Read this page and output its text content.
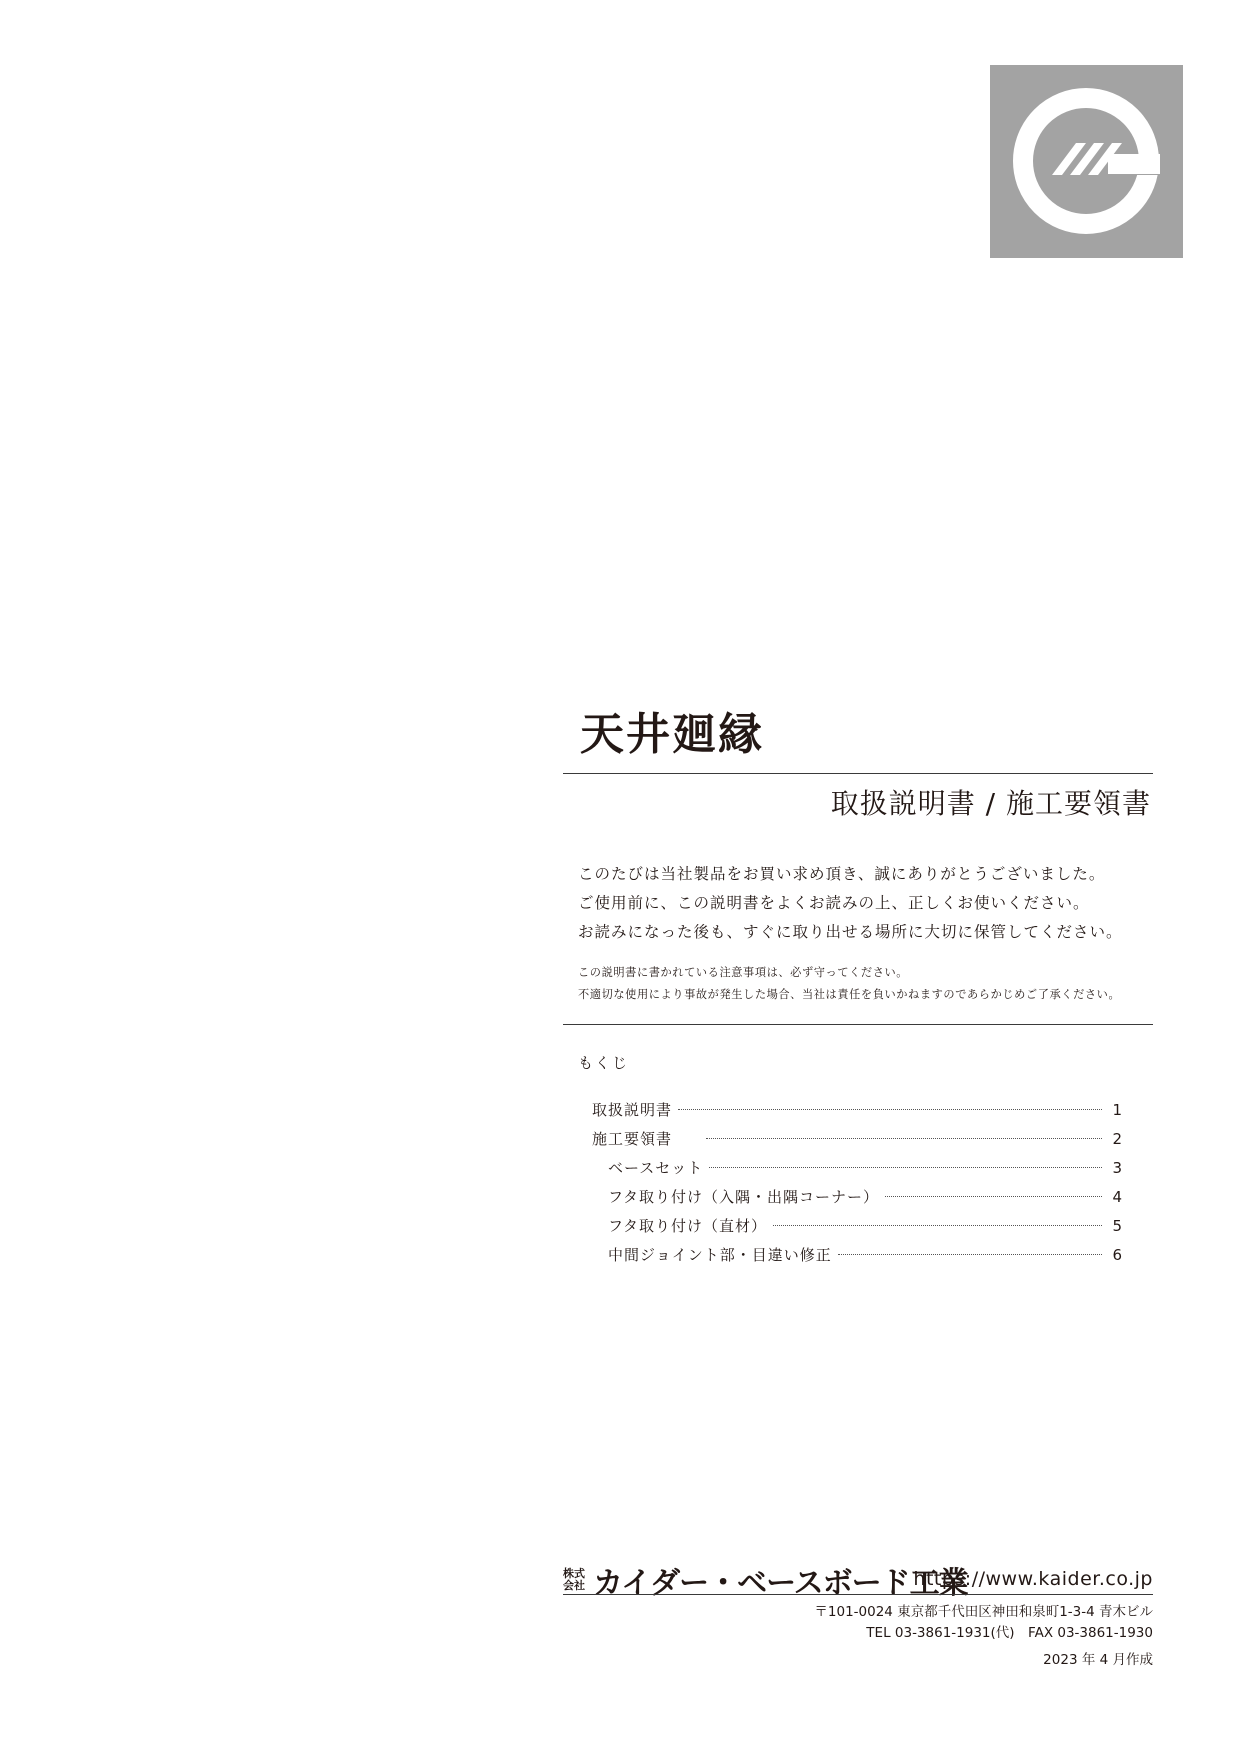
天井廻縁
取扱説明書 / 施工要領書
このたびは当社製品をお買い求め頂き、誠にありがとうございました。
ご使用前に、この説明書をよくお読みの上、正しくお使いください。
お読みになった後も、すぐに取り出せる場所に大切に保管してください。
この説明書に書かれている注意事項は、必ず守ってください。
不適切な使用により事故が発生した場合、当社は責任を負いかねますのであらかじめご了承ください。
もくじ
取扱説明書	1
施工要領書	2
ベースセット	3
フタ取り付け（入隅・出隅コーナー）	4
フタ取り付け（直材）	5
中間ジョイント部・目違い修正	6
株式会社 カイダー・ベースボード工業
https://www.kaider.co.jp
〒101-0024 東京都千代田区神田和泉町1-3-4 青木ビル
TEL 03-3861-1931(代)　FAX 03-3861-1930
2023 年 4 月作成
